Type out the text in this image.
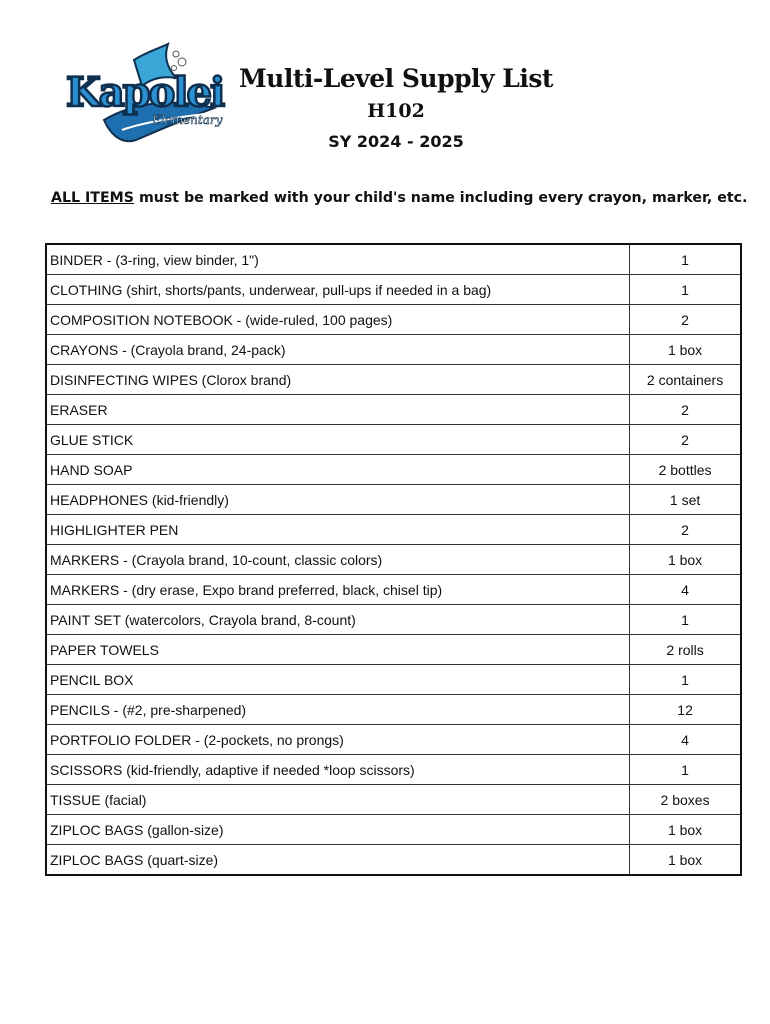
Kapolei
Elementary
Multi-Level Supply List
H102
SY 2024 - 2025
ALL ITEMS must be marked with your child's name including every crayon, marker, etc.
BINDER - (3-ring, view binder, 1")	1
CLOTHING (shirt, shorts/pants, underwear, pull-ups if needed in a bag)	1
COMPOSITION NOTEBOOK - (wide-ruled, 100 pages)	2
CRAYONS - (Crayola brand, 24-pack)	1 box
DISINFECTING WIPES (Clorox brand)	2 containers
ERASER	2
GLUE STICK	2
HAND SOAP	2 bottles
HEADPHONES (kid-friendly)	1 set
HIGHLIGHTER PEN	2
MARKERS - (Crayola brand, 10-count, classic colors)	1 box
MARKERS - (dry erase, Expo brand preferred, black, chisel tip)	4
PAINT SET (watercolors, Crayola brand, 8-count)	1
PAPER TOWELS	2 rolls
PENCIL BOX	1
PENCILS - (#2, pre-sharpened)	12
PORTFOLIO FOLDER - (2-pockets, no prongs)	4
SCISSORS (kid-friendly, adaptive if needed *loop scissors)	1
TISSUE (facial)	2 boxes
ZIPLOC BAGS (gallon-size)	1 box
ZIPLOC BAGS (quart-size)	1 box
